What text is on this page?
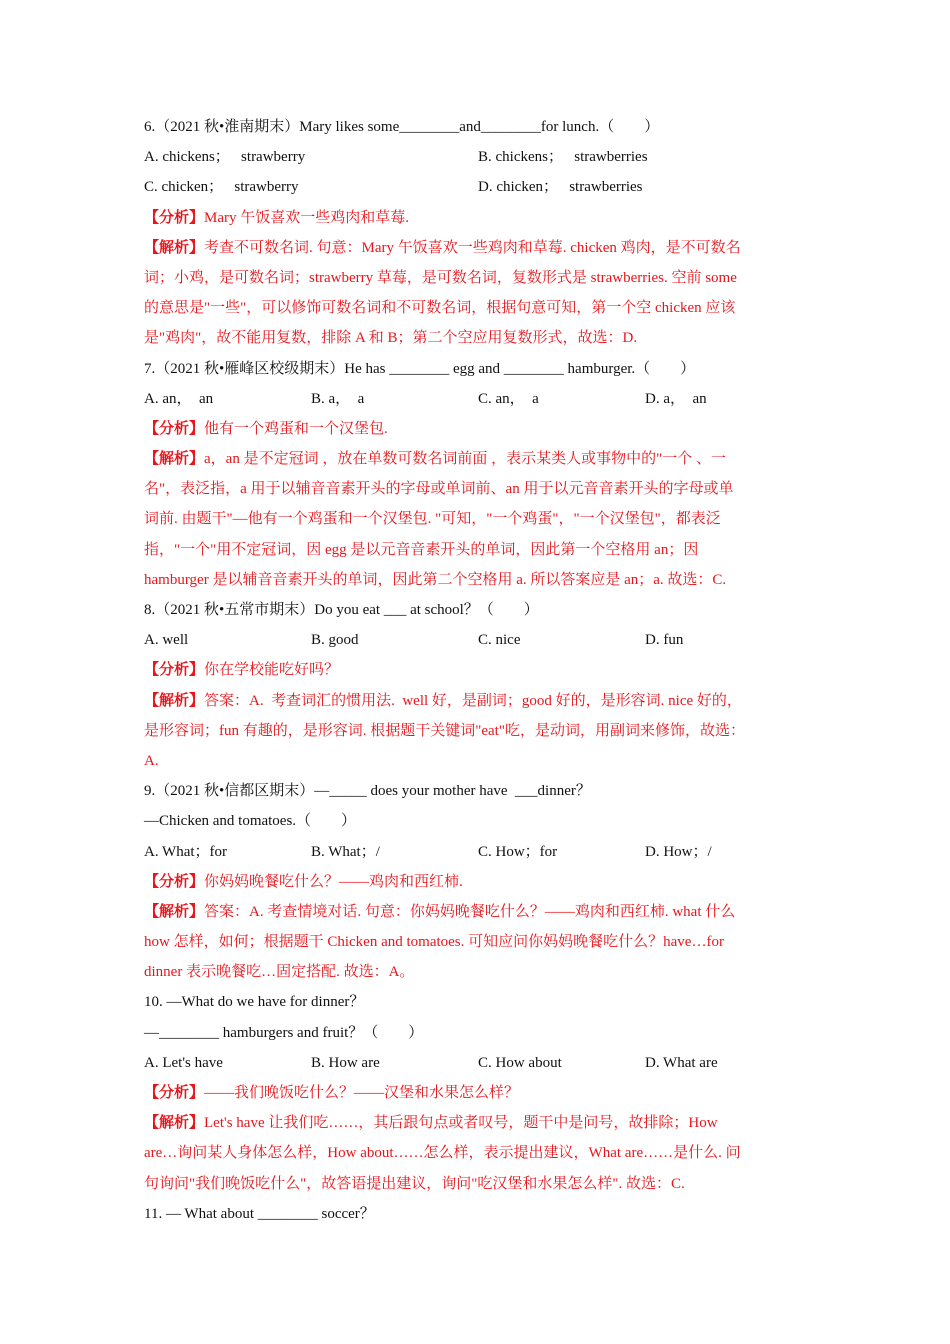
6.（2021 秋•淮南期末）Mary likes some________and________for lunch.（　　）
A. chickens；   strawberry	B. chickens；   strawberries
C. chicken；   strawberry	D. chicken；   strawberries
【分析】Mary 午饭喜欢一些鸡肉和草莓.
【解析】考查不可数名词. 句意：Mary 午饭喜欢一些鸡肉和草莓. chicken 鸡肉，是不可数名
词；小鸡，是可数名词；strawberry 草莓，是可数名词，复数形式是 strawberries. 空前 some
的意思是"一些"，可以修饰可数名词和不可数名词，根据句意可知，第一个空 chicken 应该
是"鸡肉"，故不能用复数，排除 A 和 B；第二个空应用复数形式，故选：D.
7.（2021 秋•雁峰区校级期末）He has ________ egg and ________ hamburger.（　　）
A. an，  an	B. a，  a	C. an，  a	D. a，  an
【分析】他有一个鸡蛋和一个汉堡包.
【解析】a，an 是不定冠词 ，放在单数可数名词前面 ，表示某类人或事物中的"一个 、一
名"，表泛指，a 用于以辅音音素开头的字母或单词前、an 用于以元音音素开头的字母或单
词前. 由题干"—他有一个鸡蛋和一个汉堡包. "可知，"一个鸡蛋"，"一个汉堡包"，都表泛
指，"一个"用不定冠词，因 egg 是以元音音素开头的单词，因此第一个空格用 an；因
hamburger 是以辅音音素开头的单词，因此第二个空格用 a. 所以答案应是 an；a. 故选：C.
8.（2021 秋•五常市期末）Do you eat ___ at school？（　　）
A. well	B. good	C. nice	D. fun
【分析】你在学校能吃好吗？
【解析】答案：A.  考查词汇的惯用法.  well 好，是副词；good 好的，是形容词. nice 好的，
是形容词；fun 有趣的，是形容词. 根据题干关键词"eat"吃，是动词，用副词来修饰，故选：
A.
9.（2021 秋•信都区期末）—_____ does your mother have  ___dinner？
—Chicken and tomatoes.（　　）
A. What；for	B. What；/	C. How；for	D. How；/
【分析】你妈妈晚餐吃什么？——鸡肉和西红柿.
【解析】答案：A. 考查情境对话. 句意：你妈妈晚餐吃什么？——鸡肉和西红柿. what 什么
how 怎样，如何；根据题干 Chicken and tomatoes. 可知应问你妈妈晚餐吃什么？have…for
dinner 表示晚餐吃…固定搭配. 故选：A。
10. —What do we have for dinner？
—________ hamburgers and fruit？（　　）
A. Let's have	B. How are	C. How about	D. What are
【分析】——我们晚饭吃什么？——汉堡和水果怎么样？
【解析】Let's have 让我们吃……，其后跟句点或者叹号，题干中是问号，故排除；How
are…询问某人身体怎么样，How about……怎么样，表示提出建议，What are……是什么. 问
句询问"我们晚饭吃什么"，故答语提出建议，询问"吃汉堡和水果怎么样". 故选：C.
11. — What about ________ soccer？
